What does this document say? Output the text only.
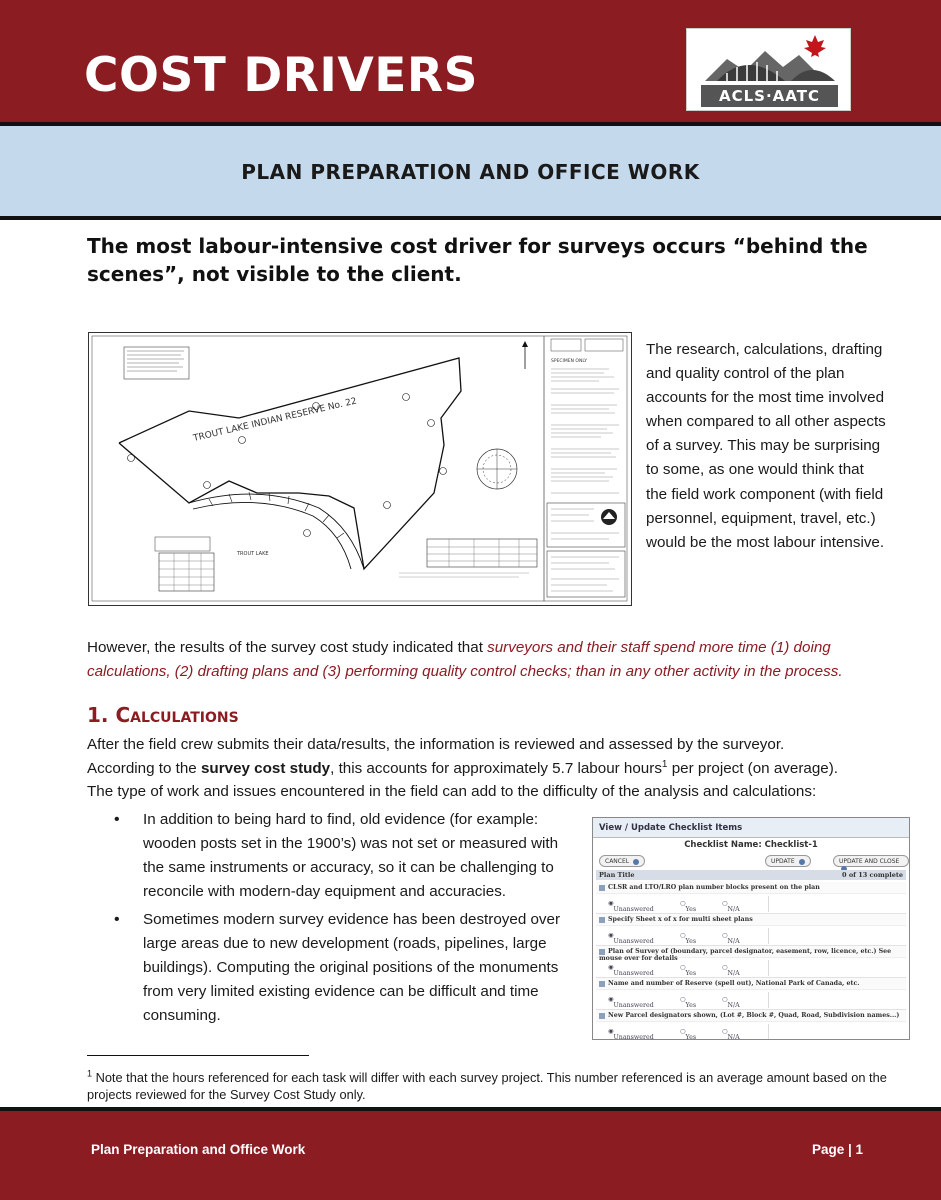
COST DRIVERS	ACLS·AATC
PLAN PREPARATION AND OFFICE WORK
The most labour-intensive cost driver for surveys occurs “behind the scenes”, not visible to the client.
TROUT LAKE INDIAN RESERVE No. 22
TROUT LAKE
SPECIMEN ONLY
The research, calculations, drafting and quality control of the plan accounts for the most time involved when compared to all other aspects of a survey. This may be surprising to some, as one would think that the field work component (with field personnel, equipment, travel, etc.) would be the most labour intensive.
However, the results of the survey cost study indicated that surveyors and their staff spend more time (1) doing calculations, (2) drafting plans and (3) performing quality control checks; than in any other activity in the process.
1. Calculations
After the field crew submits their data/results, the information is reviewed and assessed by the surveyor.
According to the survey cost study, this accounts for approximately 5.7 labour hours$^1$ per project (on average).
The type of work and issues encountered in the field can add to the difficulty of the analysis and calculations:
• In addition to being hard to find, old evidence (for example: wooden posts set in the 1900’s) was not set or measured with the same instruments or accuracy, so it can be challenging to reconcile with modern-day equipment and accuracies.
• Sometimes modern survey evidence has been destroyed over large areas due to new development (roads, pipelines, large buildings). Computing the original positions of the monuments from very limited existing evidence can be difficult and time consuming.
View / Update Checklist Items
Checklist Name: Checklist-1
CANCEL	UPDATE	UPDATE AND CLOSE
Plan Title	0 of 13 complete
CLSR and LTO/LRO plan number blocks present on the plan
◉
Unanswered
○
Yes
○
N/A
Specify Sheet x of x for multi sheet plans
◉
Unanswered
○
Yes
○
N/A
Plan of Survey of (boundary, parcel designator, easement, row, licence, etc.) See mouse over for details
◉
Unanswered
○
Yes
○
N/A
Name and number of Reserve (spell out), National Park of Canada, etc.
◉
Unanswered
○
Yes
○
N/A
New Parcel designators shown, (Lot #, Block #, Quad, Road, Subdivision names...)
◉
Unanswered
○
Yes
○
N/A
$^1$ Note that the hours referenced for each task will differ with each survey project. This number referenced is an average amount based on the projects reviewed for the Survey Cost Study only.
Plan Preparation and Office Work	Page | 1
